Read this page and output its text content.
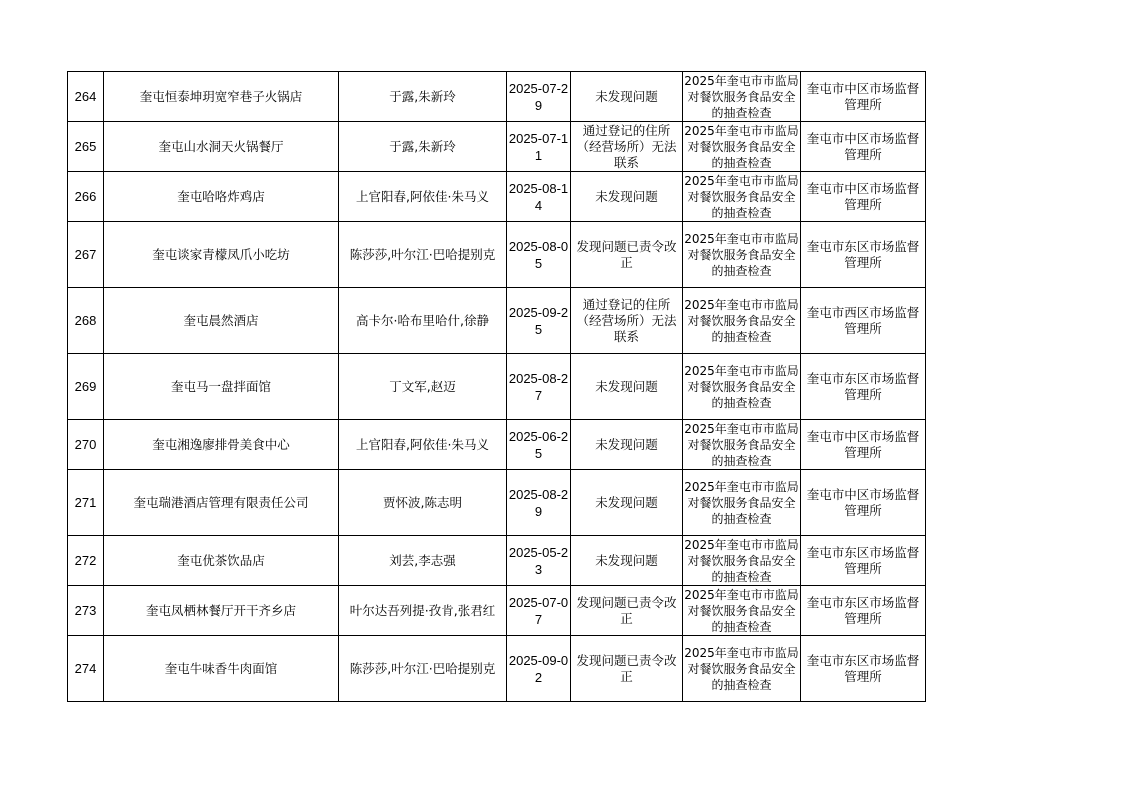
264	奎屯恒泰坤玥宽窄巷子火锅店	于露,朱新玲	2025-07-29	未发现问题	2025年奎屯市市监局对餐饮服务食品安全的抽查检查	奎屯市中区市场监督管理所
265	奎屯山水洞天火锅餐厅	于露,朱新玲	2025-07-11	通过登记的住所（经营场所）无法联系	2025年奎屯市市监局对餐饮服务食品安全的抽查检查	奎屯市中区市场监督管理所
266	奎屯哈咯炸鸡店	上官阳春,阿依佳·朱马义	2025-08-14	未发现问题	2025年奎屯市市监局对餐饮服务食品安全的抽查检查	奎屯市中区市场监督管理所
267	奎屯谈家青檬凤爪小吃坊	陈莎莎,叶尔江·巴哈提别克	2025-08-05	发现问题已责令改正	2025年奎屯市市监局对餐饮服务食品安全的抽查检查	奎屯市东区市场监督管理所
268	奎屯晨然酒店	高卡尔·哈布里哈什,徐静	2025-09-25	通过登记的住所（经营场所）无法联系	2025年奎屯市市监局对餐饮服务食品安全的抽查检查	奎屯市西区市场监督管理所
269	奎屯马一盘拌面馆	丁文军,赵迈	2025-08-27	未发现问题	2025年奎屯市市监局对餐饮服务食品安全的抽查检查	奎屯市东区市场监督管理所
270	奎屯湘逸廖排骨美食中心	上官阳春,阿依佳·朱马义	2025-06-25	未发现问题	2025年奎屯市市监局对餐饮服务食品安全的抽查检查	奎屯市中区市场监督管理所
271	奎屯瑞港酒店管理有限责任公司	贾怀波,陈志明	2025-08-29	未发现问题	2025年奎屯市市监局对餐饮服务食品安全的抽查检查	奎屯市中区市场监督管理所
272	奎屯优茶饮品店	刘芸,李志强	2025-05-23	未发现问题	2025年奎屯市市监局对餐饮服务食品安全的抽查检查	奎屯市东区市场监督管理所
273	奎屯凤栖林餐厅开干齐乡店	叶尔达吾列提·孜肯,张君红	2025-07-07	发现问题已责令改正	2025年奎屯市市监局对餐饮服务食品安全的抽查检查	奎屯市东区市场监督管理所
274	奎屯牛味香牛肉面馆	陈莎莎,叶尔江·巴哈提别克	2025-09-02	发现问题已责令改正	2025年奎屯市市监局对餐饮服务食品安全的抽查检查	奎屯市东区市场监督管理所
